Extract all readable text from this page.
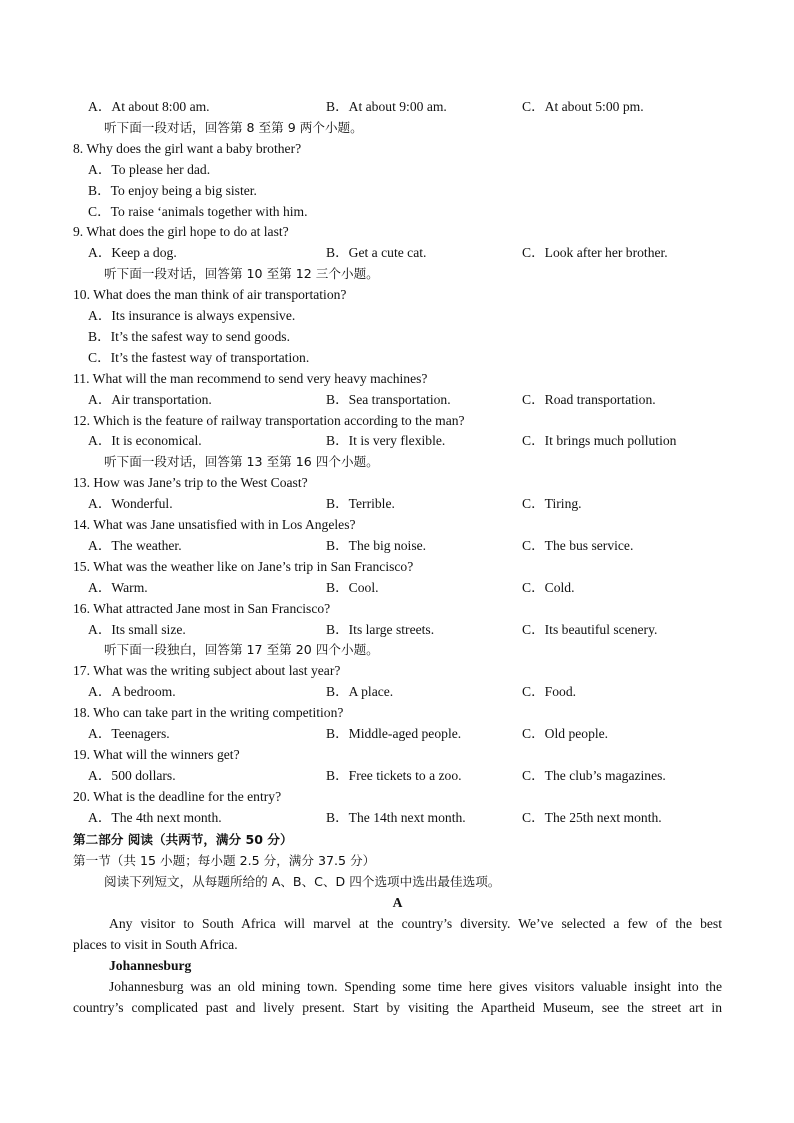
A．At about 8:00 am.	B．At about 9:00 am.	C．At about 5:00 pm.
听下面一段对话，回答第 8 至第 9 两个小题。
8. Why does the girl want a baby brother?
A．To please her dad.
B．To enjoy being a big sister.
C．To raise ‘animals together with him.
9. What does the girl hope to do at last?
A．Keep a dog.	B．Get a cute cat.	C．Look after her brother.
听下面一段对话，回答第 10 至第 12 三个小题。
10. What does the man think of air transportation?
A．Its insurance is always expensive.
B．It’s the safest way to send goods.
C．It’s the fastest way of transportation.
11. What will the man recommend to send very heavy machines?
A．Air transportation.	B．Sea transportation.	C．Road transportation.
12. Which is the feature of railway transportation according to the man?
A．It is economical.	B．It is very flexible.	C．It brings much pollution
听下面一段对话，回答第 13 至第 16 四个小题。
13. How was Jane’s trip to the West Coast?
A．Wonderful.	B．Terrible.	C．Tiring.
14. What was Jane unsatisfied with in Los Angeles?
A．The weather.	B．The big noise.	C．The bus service.
15. What was the weather like on Jane’s trip in San Francisco?
A．Warm.	B．Cool.	C．Cold.
16. What attracted Jane most in San Francisco?
A．Its small size.	B．Its large streets.	C．Its beautiful scenery.
听下面一段独白，回答第 17 至第 20 四个小题。
17. What was the writing subject about last year?
A．A bedroom.	B．A place.	C．Food.
18. Who can take part in the writing competition?
A．Teenagers.	B．Middle-aged people.	C．Old people.
19. What will the winners get?
A．500 dollars.	B．Free tickets to a zoo.	C．The club’s magazines.
20. What is the deadline for the entry?
A．The 4th next month.	B．The 14th next month.	C．The 25th next month.
第二部分 阅读（共两节，满分 50 分）
第一节（共 15 小题；每小题 2.5 分，满分 37.5 分）
阅读下列短文，从每题所给的 A、B、C、D 四个选项中选出最佳选项。
A
Any visitor to South Africa will marvel at the country’s diversity. We’ve selected a few of the best
places to visit in South Africa.
Johannesburg
Johannesburg was an old mining town. Spending some time here gives visitors valuable insight into the
country’s complicated past and lively present. Start by visiting the Apartheid Museum, see the street art in
